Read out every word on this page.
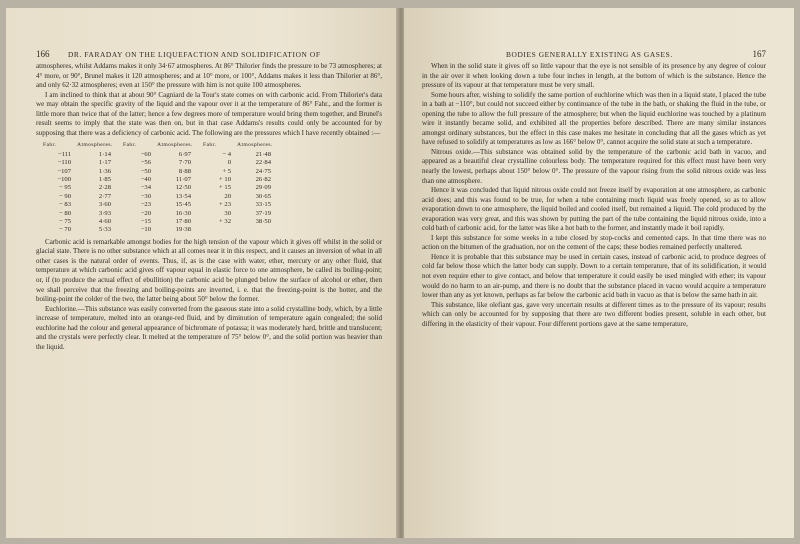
166	DR. FARADAY ON THE LIQUEFACTION AND SOLIDIFICATION OF

atmospheres, whilst Addams makes it only 34·67 atmospheres. At 86° Thilorier finds the pressure to be 73 atmospheres; at 4° more, or 90°, Brunel makes it 120 atmospheres; and at 10° more, or 100°, Addams makes it less than Thilorier at 86°, and only 62·32 atmospheres; even at 150° the pressure with him is not quite 100 atmospheres.

I am inclined to think that at about 90° Cagniard de la Tour's state comes on with carbonic acid. From Thilorier's data we may obtain the specific gravity of the liquid and the vapour over it at the temperature of 86° Fahr., and the former is little more than twice that of the latter; hence a few degrees more of temperature would bring them together, and Brunel's result seems to imply that the state was then on, but in that case Addams's results could only be accounted for by supposing that there was a deficiency of carbonic acid. The following are the pressures which I have recently obtained :—

Fahr.	Atmospheres.	Fahr.	Atmospheres.	Fahr.	Atmospheres.
−111	1·14	−60	6·97	− 4	21·48
−110	1·17	−56	7·70	0	22·84
−107	1·36	−50	8·88	+ 5	24·75
−100	1·85	−40	11·07	+ 10	26·82
− 95	2·28	−34	12·50	+ 15	29·09
− 90	2·77	−30	13·54	20	30·65
− 83	3·60	−23	15·45	+ 23	33·15
− 80	3·93	−20	16·30	30	37·19
− 75	4·60	−15	17·80	+ 32	38·50
− 70	5·33	−10	19·38		

Carbonic acid is remarkable amongst bodies for the high tension of the vapour which it gives off whilst in the solid or glacial state. There is no other substance which at all comes near it in this respect, and it causes an inversion of what in all other cases is the natural order of events. Thus, if, as is the case with water, ether, mercury or any other fluid, that temperature at which carbonic acid gives off vapour equal in elastic force to one atmosphere, be called its boiling-point; or, if (to produce the actual effect of ebullition) the carbonic acid be plunged below the surface of alcohol or ether, then we shall perceive that the freezing and boiling-points are inverted, i. e. that the freezing-point is the hotter, and the boiling-point the colder of the two, the latter being about 50° below the former.

Euchlorine.—This substance was easily converted from the gaseous state into a solid crystalline body, which, by a little increase of temperature, melted into an orange-red fluid, and by diminution of temperature again congealed; the solid euchlorine had the colour and general appearance of bichromate of potassa; it was moderately hard, brittle and translucent; and the crystals were perfectly clear. It melted at the temperature of 75° below 0°, and the solid portion was heavier than the liquid.

BODIES GENERALLY EXISTING AS GASES.	167

When in the solid state it gives off so little vapour that the eye is not sensible of its presence by any degree of colour in the air over it when looking down a tube four inches in length, at the bottom of which is the substance. Hence the pressure of its vapour at that temperature must be very small.

Some hours after, wishing to solidify the same portion of euchlorine which was then in a liquid state, I placed the tube in a bath at −110°, but could not succeed either by continuance of the tube in the bath, or shaking the fluid in the tube, or opening the tube to allow the full pressure of the atmosphere; but when the liquid euchlorine was touched by a platinum wire it instantly became solid, and exhibited all the properties before described. There are many similar instances amongst ordinary substances, but the effect in this case makes me hesitate in concluding that all the gases which as yet have refused to solidify at temperatures as low as 166° below 0°, cannot acquire the solid state at such a temperature.

Nitrous oxide.—This substance was obtained solid by the temperature of the carbonic acid bath in vacuo, and appeared as a beautiful clear crystalline colourless body. The temperature required for this effect must have been very nearly the lowest, perhaps about 150° below 0°. The pressure of the vapour rising from the solid nitrous oxide was less than one atmosphere.

Hence it was concluded that liquid nitrous oxide could not freeze itself by evaporation at one atmosphere, as carbonic acid does; and this was found to be true, for when a tube containing much liquid was freely opened, so as to allow evaporation down to one atmosphere, the liquid boiled and cooled itself, but remained a liquid. The cold produced by the evaporation was very great, and this was shown by putting the part of the tube containing the liquid nitrous oxide, into a cold bath of carbonic acid, for the latter was like a hot bath to the former, and instantly made it boil rapidly.

I kept this substance for some weeks in a tube closed by stop-cocks and cemented caps. In that time there was no action on the bitumen of the graduation, nor on the cement of the caps; these bodies remained perfectly unaltered.

Hence it is probable that this substance may be used in certain cases, instead of carbonic acid, to produce degrees of cold far below those which the latter body can supply. Down to a certain temperature, that of its solidification, it would not even require ether to give contact, and below that temperature it could easily be used mingled with ether; its vapour would do no harm to an air-pump, and there is no doubt that the substance placed in vacuo would acquire a temperature lower than any as yet known, perhaps as far below the carbonic acid bath in vacuo as that is below the same bath in air.

This substance, like olefiant gas, gave very uncertain results at different times as to the pressure of its vapour; results which can only be accounted for by supposing that there are two different bodies present, soluble in each other, but differing in the elasticity of their vapour. Four different portions gave at the same temperature,
